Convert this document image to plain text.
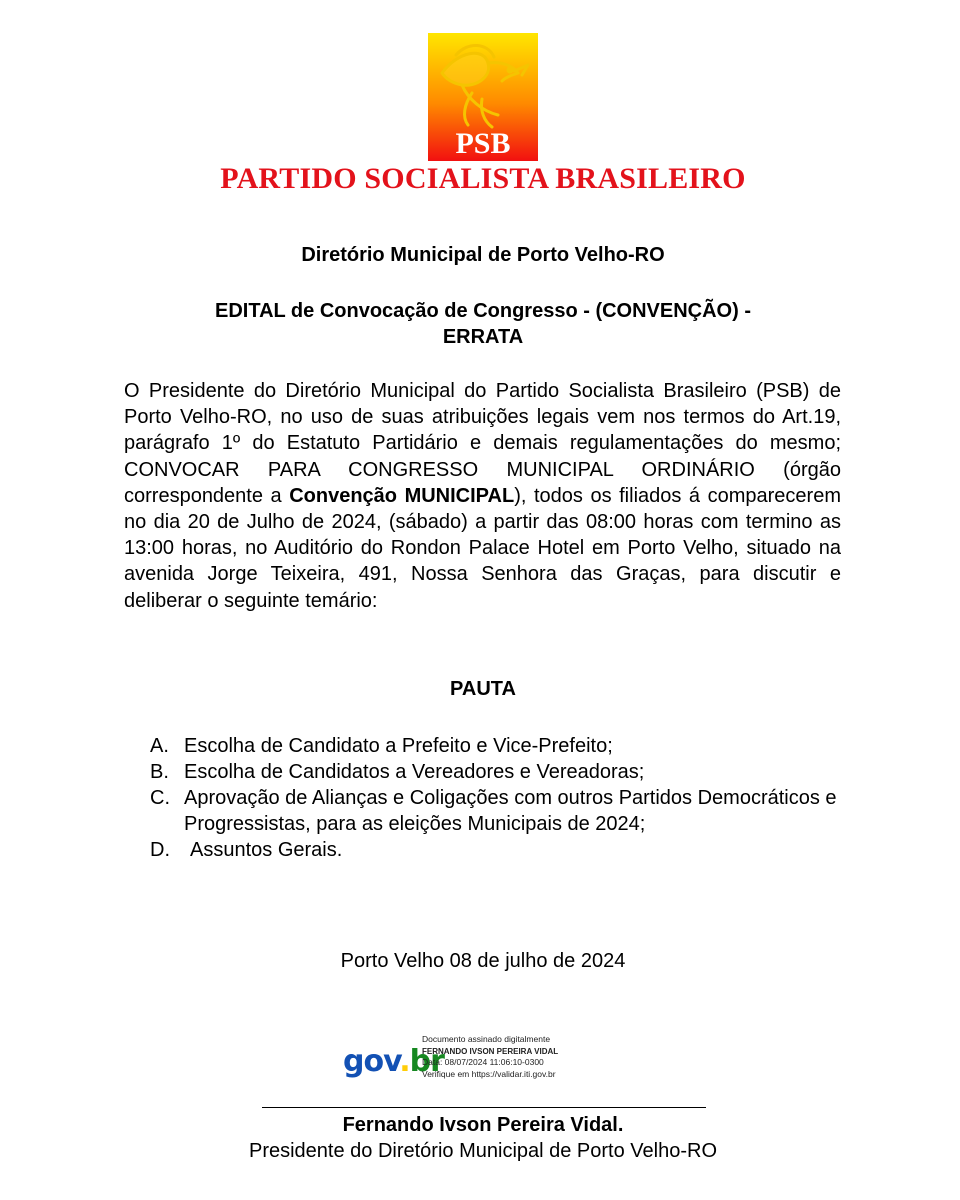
PSB
PARTIDO SOCIALISTA BRASILEIRO
Diretório Municipal de Porto Velho-RO
EDITAL de Convocação de Congresso - (CONVENÇÃO) -
ERRATA
O Presidente do Diretório Municipal do Partido Socialista Brasileiro (PSB) de Porto Velho-RO, no uso de suas atribuições legais vem nos termos do Art.19, parágrafo 1º do Estatuto Partidário e demais regulamentações do mesmo; CONVOCAR PARA CONGRESSO MUNICIPAL ORDINÁRIO (órgão correspondente a Convenção MUNICIPAL), todos os filiados á comparecerem no dia 20 de Julho de 2024, (sábado) a partir das 08:00 horas com termino as 13:00 horas, no Auditório do Rondon Palace Hotel em Porto Velho, situado na avenida Jorge Teixeira, 491, Nossa Senhora das Graças, para discutir e deliberar o seguinte temário:
PAUTA
A. Escolha de Candidato a Prefeito e Vice-Prefeito;
B. Escolha de Candidatos a Vereadores e Vereadoras;
C. Aprovação de Alianças e Coligações com outros Partidos Democráticos e Progressistas, para as eleições Municipais de 2024;
D.	Assuntos Gerais.
Porto Velho 08 de julho de 2024
gov.br
Documento assinado digitalmente
FERNANDO IVSON PEREIRA VIDAL
Data: 08/07/2024 11:06:10-0300
Verifique em https://validar.iti.gov.br
Fernando Ivson Pereira Vidal.
Presidente do Diretório Municipal de Porto Velho-RO
